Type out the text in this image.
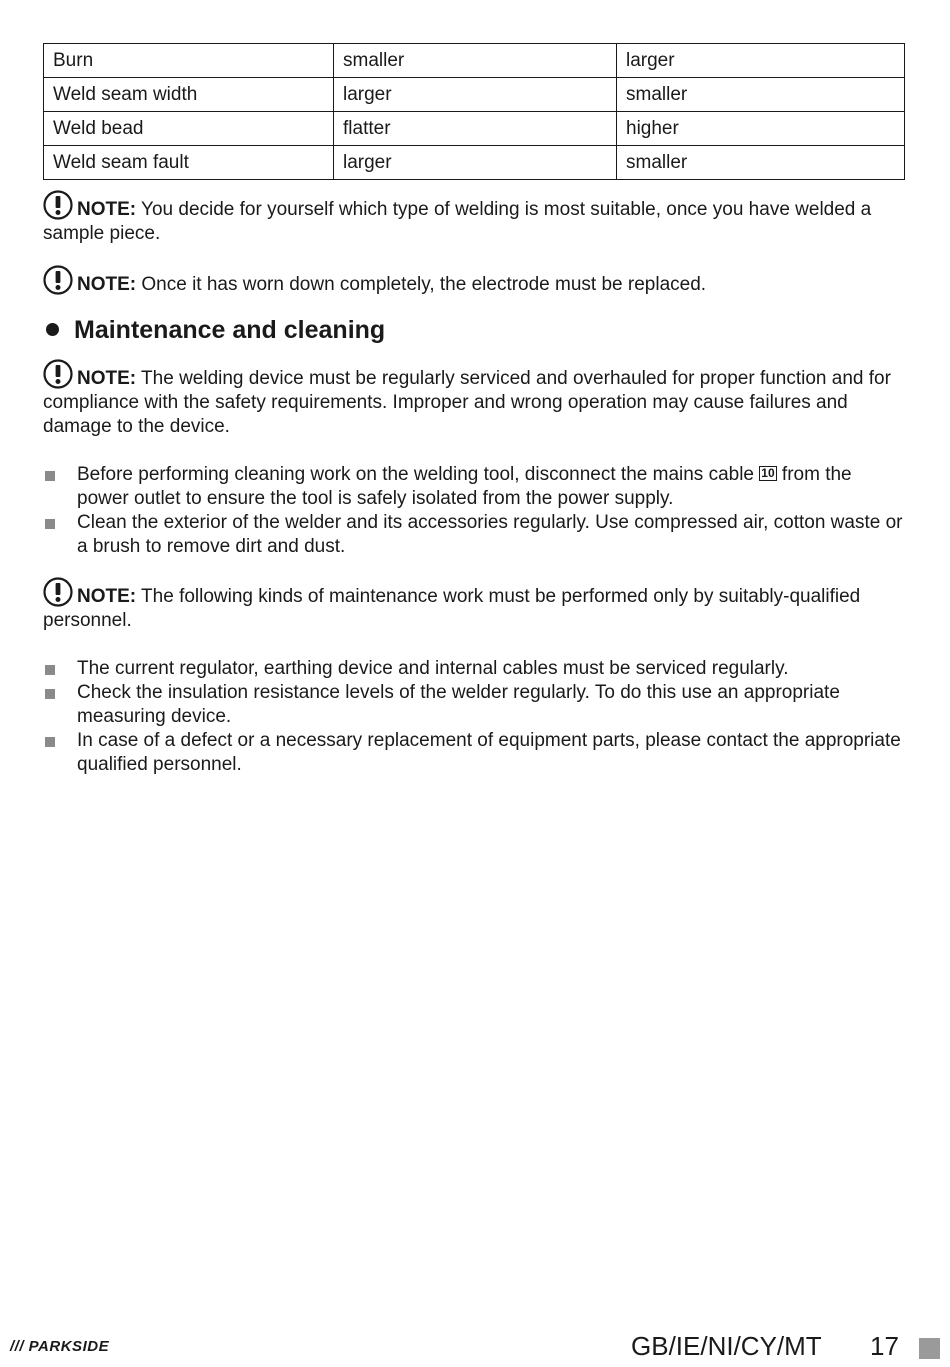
Burn	smaller	larger
Weld seam width	larger	smaller
Weld bead	flatter	higher
Weld seam fault	larger	smaller

NOTE: You decide for yourself which type of welding is most suitable, once you have welded a sample piece.

NOTE: Once it has worn down completely, the electrode must be replaced.

Maintenance and cleaning

NOTE: The welding device must be regularly serviced and overhauled for proper function and for compliance with the safety requirements. Improper and wrong operation may cause failures and damage to the device.

Before performing cleaning work on the welding tool, disconnect the mains cable 10 from the power outlet to ensure the tool is safely isolated from the power supply.
Clean the exterior of the welder and its accessories regularly. Use compressed air, cotton waste or a brush to remove dirt and dust.

NOTE: The following kinds of maintenance work must be performed only by suitably-qualified personnel.

The current regulator, earthing device and internal cables must be serviced regularly.
Check the insulation resistance levels of the welder regularly. To do this use an appropriate measuring device.
In case of a defect or a necessary replacement of equipment parts, please contact the appropriate qualified personnel.
/// PARKSIDE	GB/IE/NI/CY/MT 17
